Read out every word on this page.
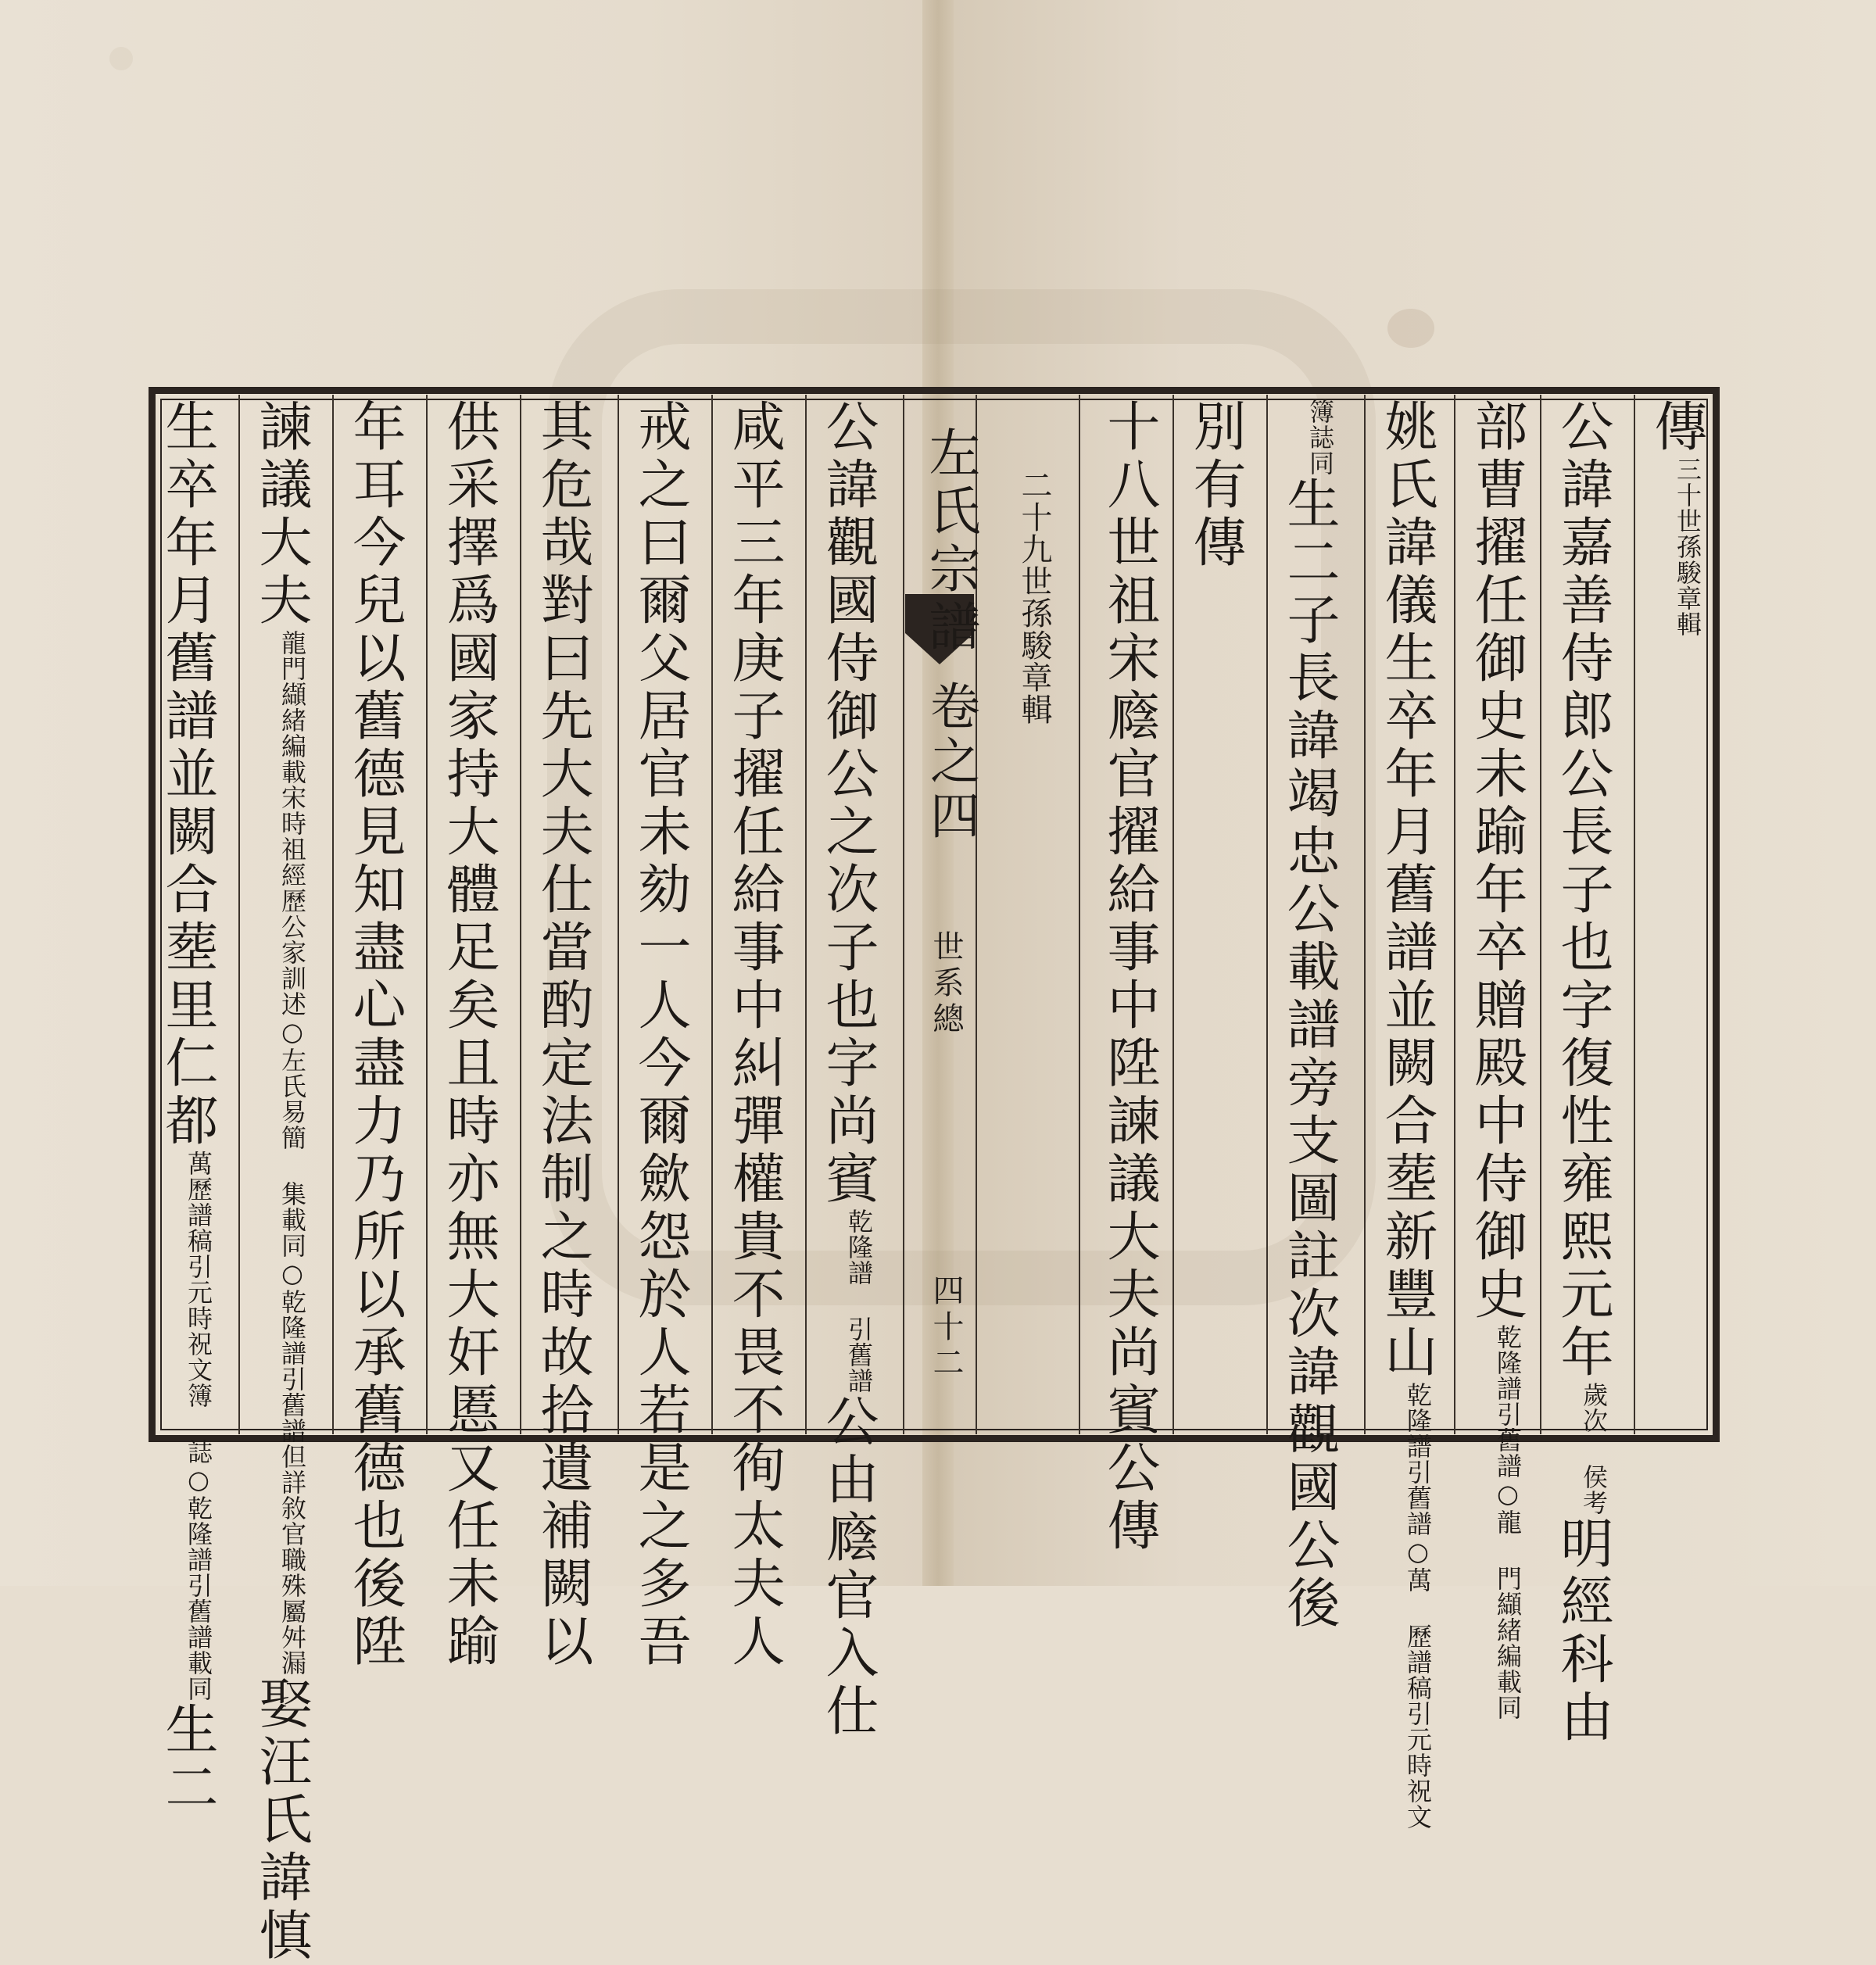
左氏宗譜
卷之四
世系總
四十二
傳三十世孫駿章輯
公諱嘉善侍郎公長子也字復性雍熙元年歲次 侯考明經科由
部曹擢任御史未踰年卒贈殿中侍御史乾隆譜引舊譜○龍 門纈緒編載同
姚氏諱儀生卒年月舊譜並闕合塟新豐山乾隆譜引舊譜○萬 歷譜稿引元時祝文
簿誌同生二子長諱竭忠公載譜旁支圖註次諱觀國公後
別有傳
十八世祖宋廕官擢給事中陞諫議大夫尚賓公傳
公諱觀國侍御公之次子也字尚賓乾隆譜 引舊譜公由廕官入仕
咸平三年庚子擢任給事中糾彈權貴不畏不徇太夫人
戒之曰爾父居官未劾一人今爾歛怨於人若是之多吾
其危哉對曰先大夫仕當酌定法制之時故拾遺補闕以
供采擇爲國家持大體足矣且時亦無大奸慝又任未踰
年耳今兒以舊德見知盡心盡力乃所以承舊德也後陞
諫議大夫龍門纈緒編載宋時祖經歷公家訓述○左氏易簡 集載同○乾隆譜引舊譜但詳敘官職殊屬舛漏娶汪氏諱慎
生卒年月舊譜並闕合塟里仁都萬歷譜稿引元時祝文簿 誌○乾隆譜引舊譜載同生二
二十九世孫駿章輯
